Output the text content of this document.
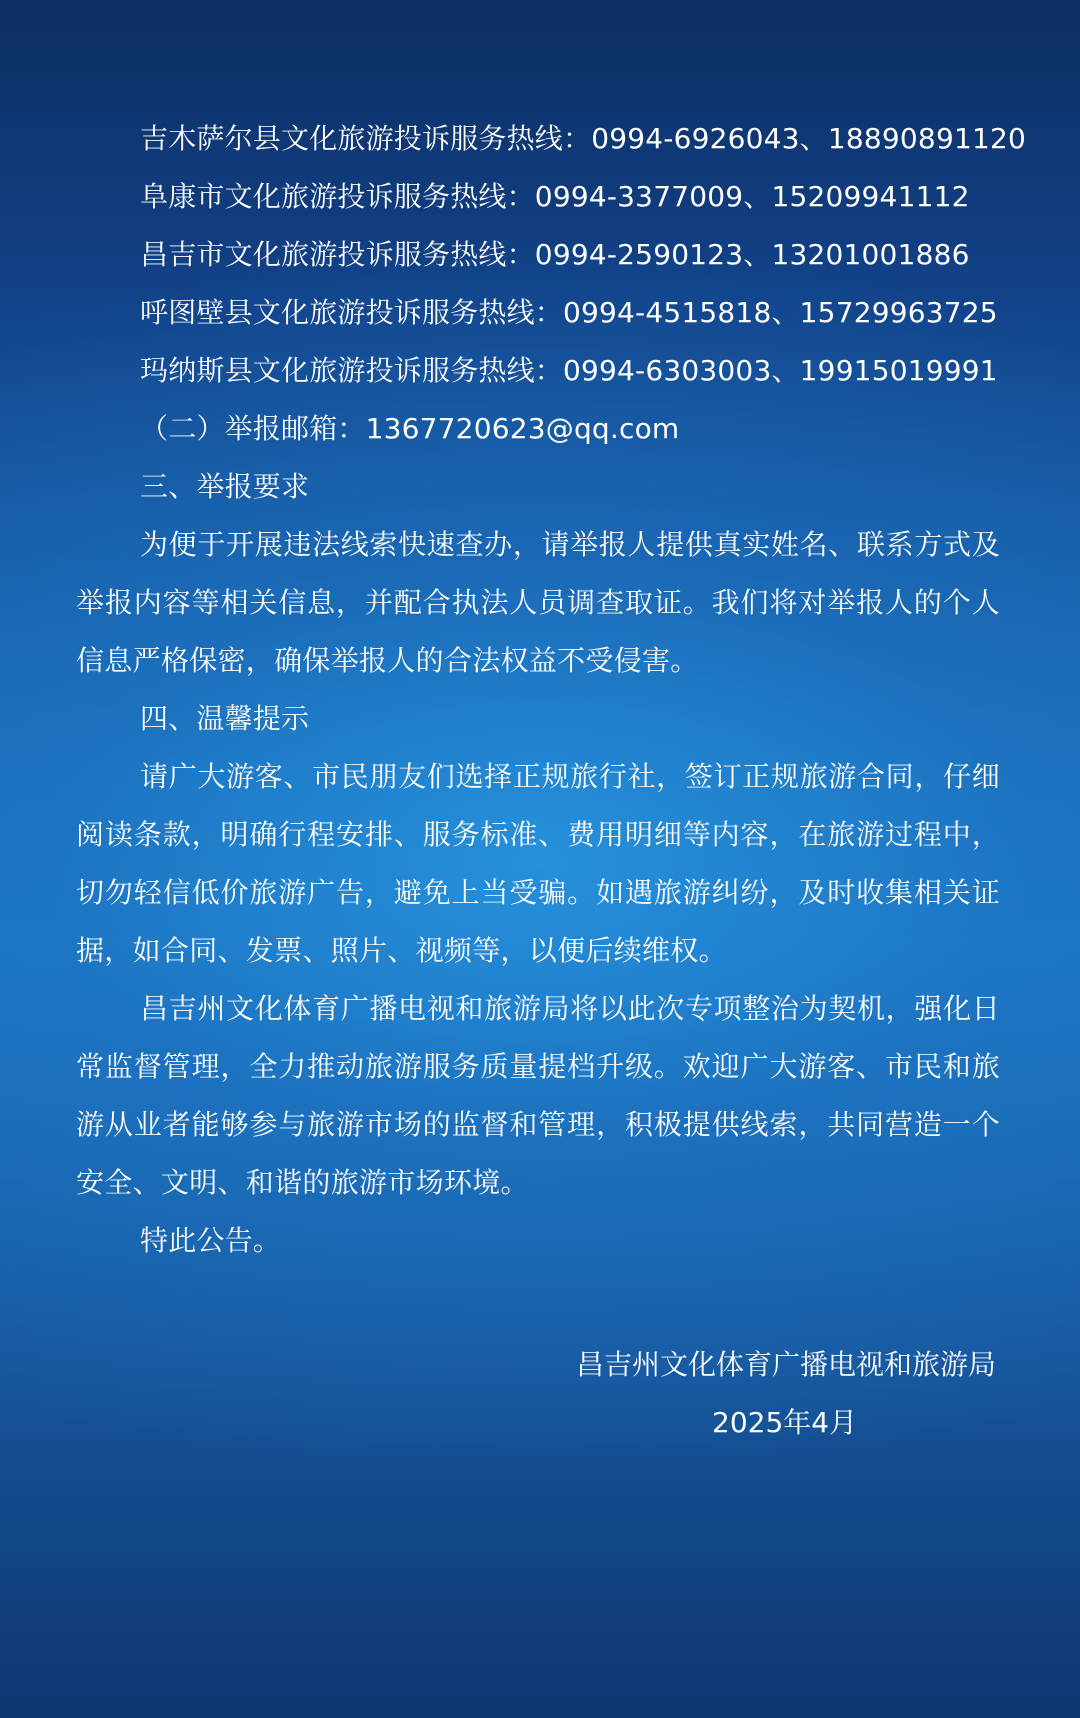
吉木萨尔县文化旅游投诉服务热线：0994-6926043、18890891120
阜康市文化旅游投诉服务热线：0994-3377009、15209941112
昌吉市文化旅游投诉服务热线：0994-2590123、13201001886
呼图壁县文化旅游投诉服务热线：0994-4515818、15729963725
玛纳斯县文化旅游投诉服务热线：0994-6303003、19915019991
（二）举报邮箱：1367720623@qq.com
三、举报要求
为便于开展违法线索快速查办，请举报人提供真实姓名、联系方式及举报内容等相关信息，并配合执法人员调查取证。我们将对举报人的个人信息严格保密，确保举报人的合法权益不受侵害。
四、温馨提示
请广大游客、市民朋友们选择正规旅行社，签订正规旅游合同，仔细阅读条款，明确行程安排、服务标准、费用明细等内容，在旅游过程中，切勿轻信低价旅游广告，避免上当受骗。如遇旅游纠纷，及时收集相关证据，如合同、发票、照片、视频等，以便后续维权。
昌吉州文化体育广播电视和旅游局将以此次专项整治为契机，强化日常监督管理，全力推动旅游服务质量提档升级。欢迎广大游客、市民和旅游从业者能够参与旅游市场的监督和管理，积极提供线索，共同营造一个安全、文明、和谐的旅游市场环境。
特此公告。
昌吉州文化体育广播电视和旅游局
2025年4月
